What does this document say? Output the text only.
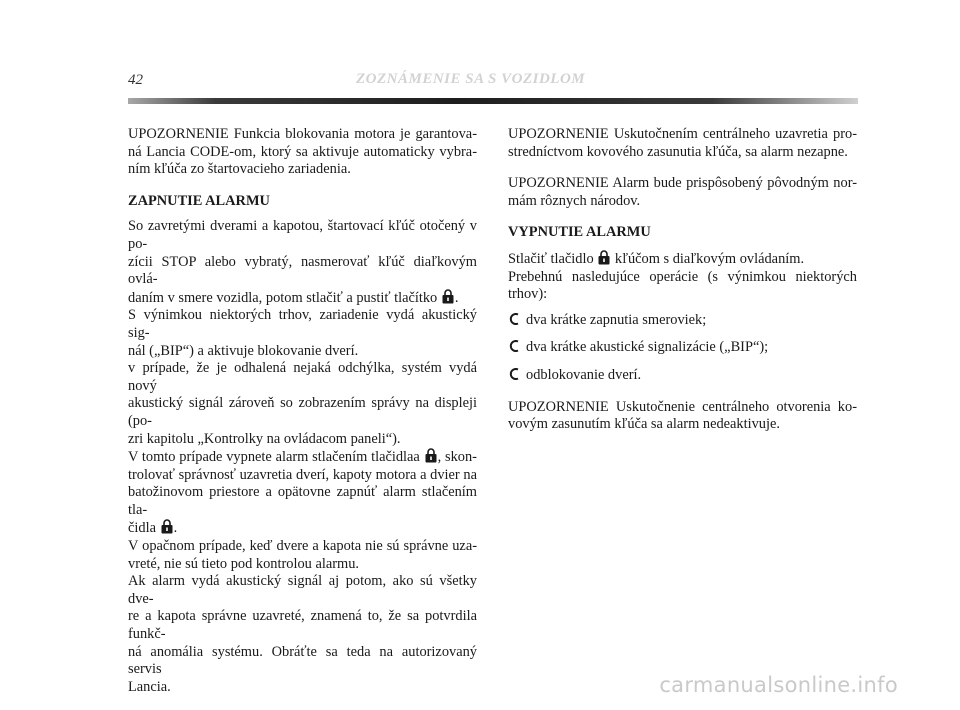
42	ZOZNÁMENIE SA S VOZIDLOM
UPOZORNENIE Funkcia blokovania motora je garantova-
ná Lancia CODE-om, ktorý sa aktivuje automaticky vybra-
ním kľúča zo štartovacieho zariadenia.
ZAPNUTIE ALARMU
So zavretými dverami a kapotou, štartovací kľúč otočený v po-
zícii STOP alebo vybratý, nasmerovať kľúč diaľkovým ovlá-
daním v smere vozidla, potom stlačiť a pustiť tlačítko .
S výnimkou niektorých trhov, zariadenie vydá akustický sig-
nál („BIP“) a aktivuje blokovanie dverí.
v prípade, že je odhalená nejaká odchýlka, systém vydá nový
akustický signál zároveň so zobrazením správy na displeji (po-
zri kapitolu „Kontrolky na ovládacom paneli“).
V tomto prípade vypnete alarm stlačením tlačidlaa , skon-
trolovať správnosť uzavretia dverí, kapoty motora a dvier na
batožinovom priestore a opätovne zapnúť alarm stlačením tla-
čidla .
V opačnom prípade, keď dvere a kapota nie sú správne uza-
vreté, nie sú tieto pod kontrolou alarmu.
Ak alarm vydá akustický signál aj potom, ako sú všetky dve-
re a kapota správne uzavreté, znamená to, že sa potvrdila funkč-
ná anomália systému. Obráťte sa teda na autorizovaný servis
Lancia.
UPOZORNENIE Uskutočnením centrálneho uzavretia pro-
stredníctvom kovového zasunutia kľúča, sa alarm nezapne.
UPOZORNENIE Alarm bude prispôsobený pôvodným nor-
mám rôznych národov.
VYPNUTIE ALARMU
Stlačiť tlačidlo kľúčom s diaľkovým ovládaním.
Prebehnú nasledujúce operácie (s výnimkou niektorých trhov):
dva krátke zapnutia smeroviek;
dva krátke akustické signalizácie („BIP“);
odblokovanie dverí.
UPOZORNENIE Uskutočnenie centrálneho otvorenia ko-
vovým zasunutím kľúča sa alarm nedeaktivuje.
carmanualsonline.info
